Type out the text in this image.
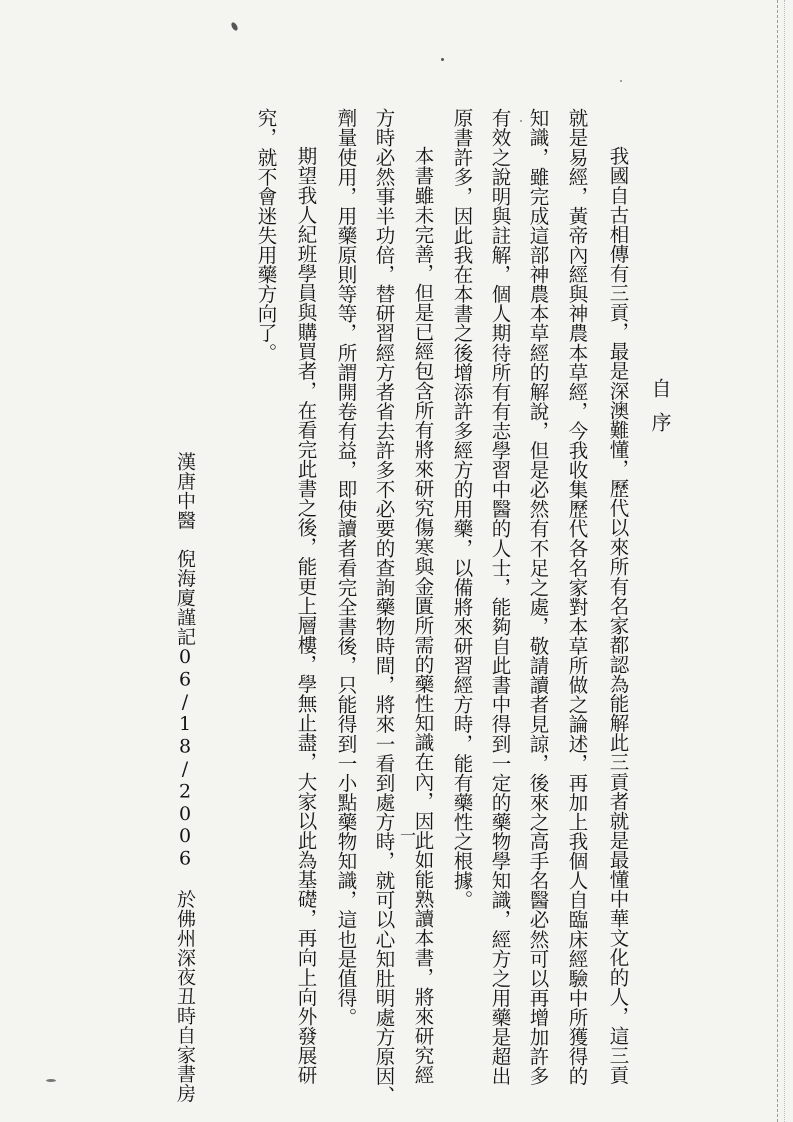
自序
我國自古相傳有三貢，最是深澳難懂，歷代以來所有名家都認為能解此三貢者就是最懂中華文化的人，這三貢
就是易經，黃帝內經與神農本草經，今我收集歷代各名家對本草所做之論述，再加上我個人自臨床經驗中所獲得的
知識，雖完成這部神農本草經的解說，但是必然有不足之處，敬請讀者見諒，後來之高手名醫必然可以再增加許多
有效之說明與註解，個人期待所有有志學習中醫的人士，能夠自此書中得到一定的藥物學知識，經方之用藥是超出
原書許多，因此我在本書之後增添許多經方的用藥，以備將來研習經方時，能有藥性之根據。
本書雖未完善，但是已經包含所有將來研究傷寒與金匱所需的藥性知識在內，因此如能熟讀本書，將來研究經
方時必然事半功倍，替研習經方者省去許多不必要的查詢藥物時間，將來一看到處方時，就可以心知肚明處方原因、
劑量使用，用藥原則等等，所謂開卷有益，即使讀者看完全書後，只能得到一小點藥物知識，這也是值得。
期望我人紀班學員與購買者，在看完此書之後，能更上層樓，學無止盡，大家以此為基礎，再向上向外發展研
究，就不會迷失用藥方向了。
漢唐中醫　倪海廈謹記06/18/2006　於佛州深夜丑時自家書房	一
